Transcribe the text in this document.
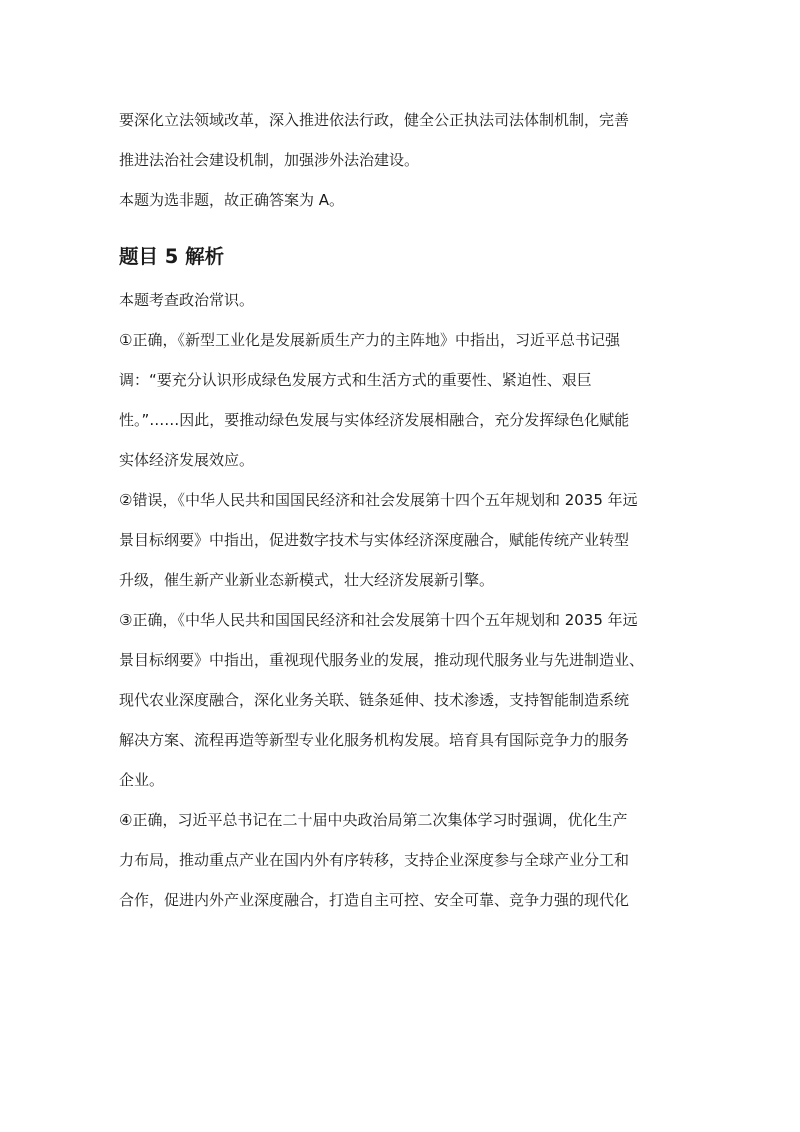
要深化立法领域改革，深入推进依法行政，健全公正执法司法体制机制，完善
推进法治社会建设机制，加强涉外法治建设。
本题为选非题，故正确答案为 A。
题目 5 解析
本题考查政治常识。
①正确，《新型工业化是发展新质生产力的主阵地》中指出，习近平总书记强
调：“要充分认识形成绿色发展方式和生活方式的重要性、紧迫性、艰巨
性。”……因此，要推动绿色发展与实体经济发展相融合，充分发挥绿色化赋能
实体经济发展效应。
②错误，《中华人民共和国国民经济和社会发展第十四个五年规划和 2035 年远
景目标纲要》中指出，促进数字技术与实体经济深度融合，赋能传统产业转型
升级，催生新产业新业态新模式，壮大经济发展新引擎。
③正确，《中华人民共和国国民经济和社会发展第十四个五年规划和 2035 年远
景目标纲要》中指出，重视现代服务业的发展，推动现代服务业与先进制造业、
现代农业深度融合，深化业务关联、链条延伸、技术渗透，支持智能制造系统
解决方案、流程再造等新型专业化服务机构发展。培育具有国际竞争力的服务
企业。
④正确，习近平总书记在二十届中央政治局第二次集体学习时强调，优化生产
力布局，推动重点产业在国内外有序转移，支持企业深度参与全球产业分工和
合作，促进内外产业深度融合，打造自主可控、安全可靠、竞争力强的现代化
